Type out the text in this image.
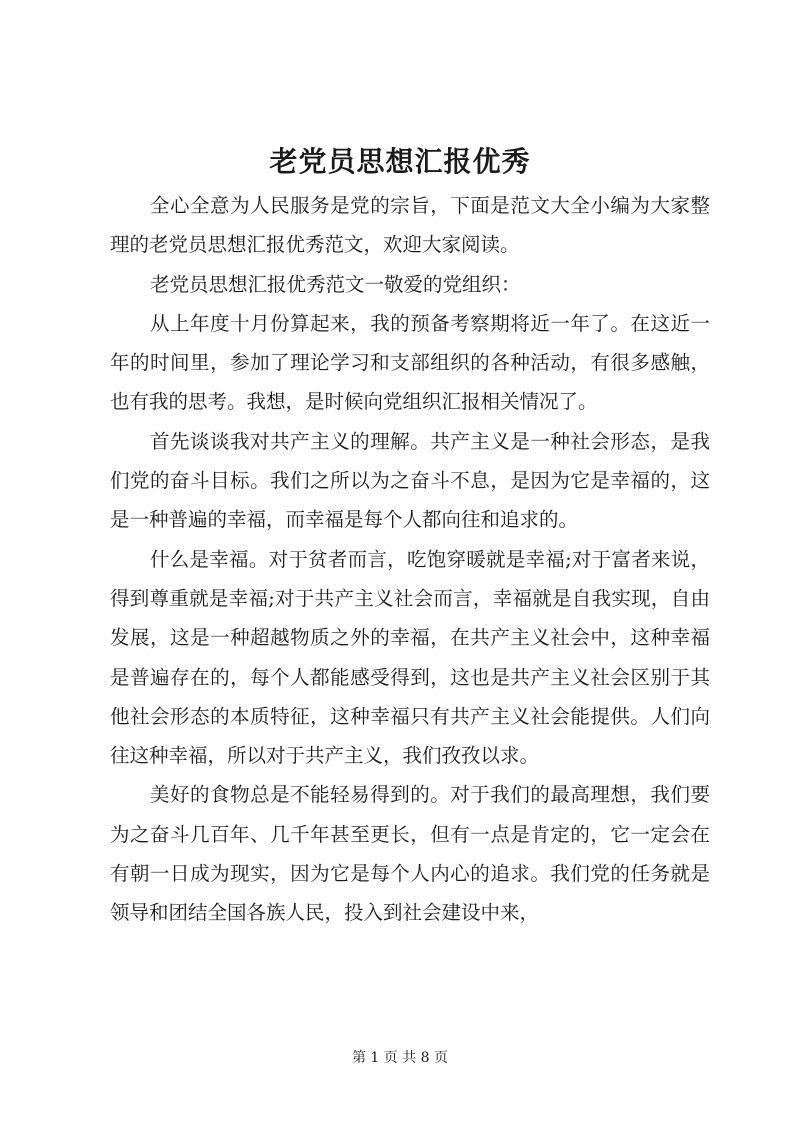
老党员思想汇报优秀

全心全意为人民服务是党的宗旨，下面是范文大全小编为大家整理的老党员思想汇报优秀范文，欢迎大家阅读。

老党员思想汇报优秀范文一敬爱的党组织：

从上年度十月份算起来，我的预备考察期将近一年了。在这近一年的时间里，参加了理论学习和支部组织的各种活动，有很多感触，也有我的思考。我想，是时候向党组织汇报相关情况了。

首先谈谈我对共产主义的理解。共产主义是一种社会形态，是我们党的奋斗目标。我们之所以为之奋斗不息，是因为它是幸福的，这是一种普遍的幸福，而幸福是每个人都向往和追求的。

什么是幸福。对于贫者而言，吃饱穿暖就是幸福;对于富者来说，得到尊重就是幸福;对于共产主义社会而言，幸福就是自我实现，自由发展，这是一种超越物质之外的幸福，在共产主义社会中，这种幸福是普遍存在的，每个人都能感受得到，这也是共产主义社会区别于其他社会形态的本质特征，这种幸福只有共产主义社会能提供。人们向往这种幸福，所以对于共产主义，我们孜孜以求。

美好的食物总是不能轻易得到的。对于我们的最高理想，我们要为之奋斗几百年、几千年甚至更长，但有一点是肯定的，它一定会在有朝一日成为现实，因为它是每个人内心的追求。我们党的任务就是领导和团结全国各族人民，投入到社会建设中来，

第 1 页 共 8 页
